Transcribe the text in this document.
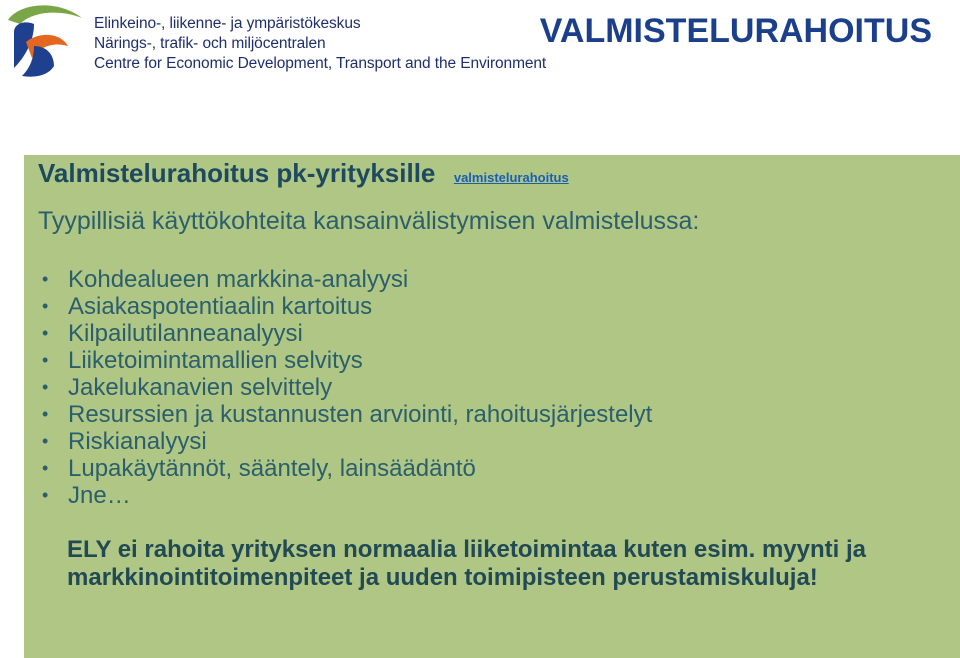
Elinkeino-, liikenne- ja ympäristökeskus
Närings-, trafik- och miljöcentralen
Centre for Economic Development, Transport and the Environment
VALMISTELURAHOITUS
Valmistelurahoitus pk-yrityksille valmistelurahoitus
Tyypillisiä käyttökohteita kansainvälistymisen valmistelussa:
• Kohdealueen markkina-analyysi
• Asiakaspotentiaalin kartoitus
• Kilpailutilanneanalyysi
• Liiketoimintamallien selvitys
• Jakelukanavien selvittely
• Resurssien ja kustannusten arviointi, rahoitusjärjestelyt
• Riskianalyysi
• Lupakäytännöt, sääntely, lainsäädäntö
• Jne…
ELY ei rahoita yrityksen normaalia liiketoimintaa kuten esim. myynti ja markkinointitoimenpiteet ja uuden toimipisteen perustamiskuluja!
